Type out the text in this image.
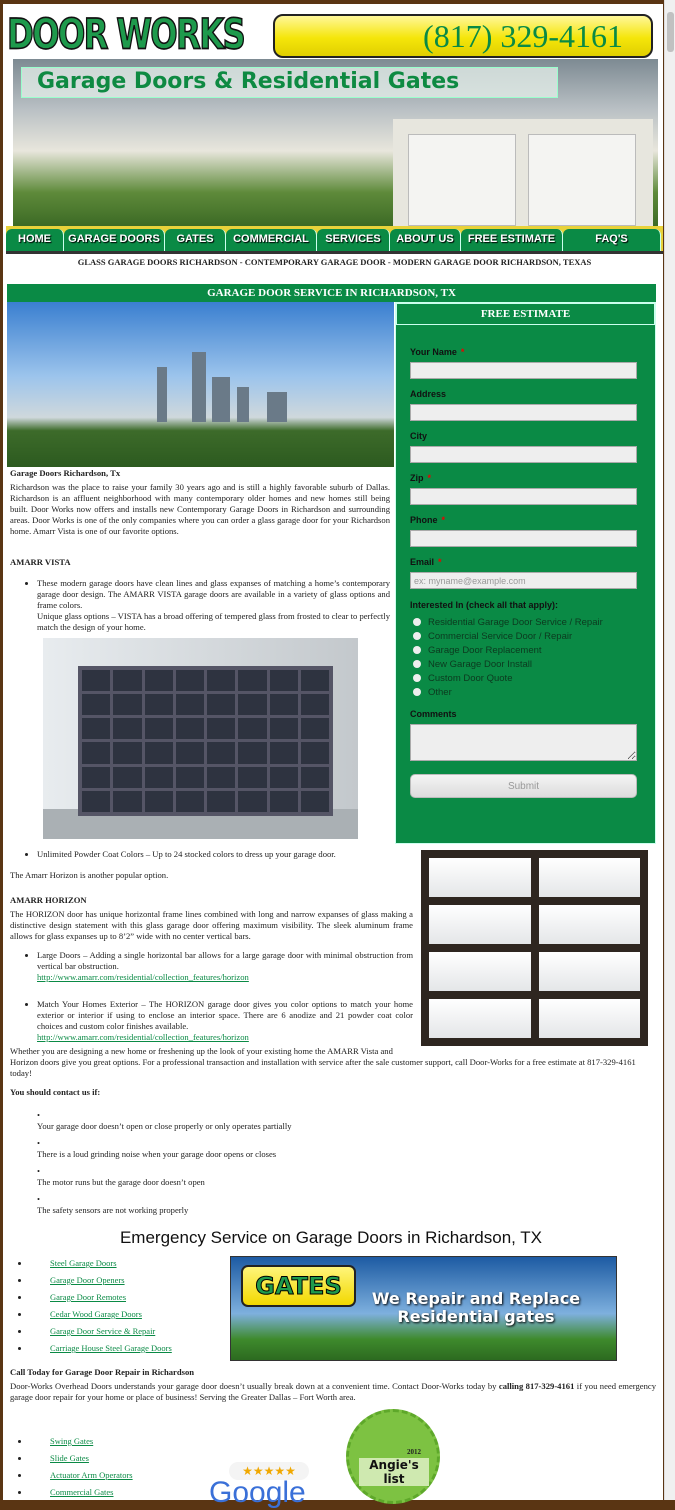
DOOR WORKS	(817) 329-4161
Garage Doors & Residential Gates
HOME	GARAGE DOORS	GATES	COMMERCIAL	SERVICES	ABOUT US	FREE ESTIMATE	FAQ'S
GLASS GARAGE DOORS RICHARDSON - CONTEMPORARY GARAGE DOOR - MODERN GARAGE DOOR RICHARDSON, TEXAS
GARAGE DOOR SERVICE IN RICHARDSON, TX
FREE ESTIMATE
Your Name *
Address
City
Zip *
Phone *
Email *
ex: myname@example.com
Interested In (check all that apply):
Residential Garage Door Service / Repair
Commercial Service Door / Repair
Garage Door Replacement
New Garage Door Install
Custom Door Quote
Other
Comments
Submit
Garage Doors Richardson, Tx

Richardson was the place to raise your family 30 years ago and is still a highly favorable suburb of Dallas. Richardson is an affluent neighborhood with many contemporary older homes and new homes still being built. Door Works now offers and installs new Contemporary Garage Doors in Richardson and surrounding areas. Door Works is one of the only companies where you can order a glass garage door for your Richardson home. Amarr Vista is one of our favorite options.

AMARR VISTA
• These modern garage doors have clean lines and glass expanses of matching a home’s contemporary garage door design. The AMARR VISTA garage doors are available in a variety of glass options and frame colors.
Unique glass options – VISTA has a broad offering of tempered glass from frosted to clear to perfectly match the design of your home.
• Unlimited Powder Coat Colors – Up to 24 stocked colors to dress up your garage door.

The Amarr Horizon is another popular option.

AMARR HORIZON

The HORIZON door has unique horizontal frame lines combined with long and narrow expanses of glass making a distinctive design statement with this glass garage door offering maximum visibility. The sleek aluminum frame allows for glass expanses up to 8’2” wide with no center vertical bars.

• Large Doors – Adding a single horizontal bar allows for a large garage door with minimal obstruction from vertical bar obstruction.
http://www.amarr.com/residential/collection_features/horizon
• Match Your Homes Exterior – The HORIZON garage door gives you color options to match your home exterior or interior if using to enclose an interior space. There are 6 anodize and 21 powder coat color choices and custom color finishes available.
http://www.amarr.com/residential/collection_features/horizon

Whether you are designing a new home or freshening up the look of your existing home the AMARR Vista and

Horizon doors give you great options. For a professional transaction and installation with service after the sale customer support, call Door-Works for a free estimate at 817-329-4161 today!

You should contact us if:
•
Your garage door doesn’t open or close properly or only operates partially
•
There is a loud grinding noise when your garage door opens or closes
•
The motor runs but the garage door doesn’t open
•
The safety sensors are not working properly
Emergency Service on Garage Doors in Richardson, TX
• Steel Garage Doors
• Garage Door Openers
• Garage Door Remotes
• Cedar Wood Garage Doors
• Garage Door Service & Repair
• Carriage House Steel Garage Doors
GATES	We Repair and Replace Residential gates
Call Today for Garage Door Repair in Richardson

Door-Works Overhead Doors understands your garage door doesn’t usually break down at a convenient time. Contact Door-Works today by calling 817-329-4161 if you need emergency garage door repair for your home or place of business! Serving the Greater Dallas – Fort Worth area.

• Swing Gates
• Slide Gates
• Actuator Arm Operators
• Commercial Gates
★★★★★
Google
Angie's list
2012
